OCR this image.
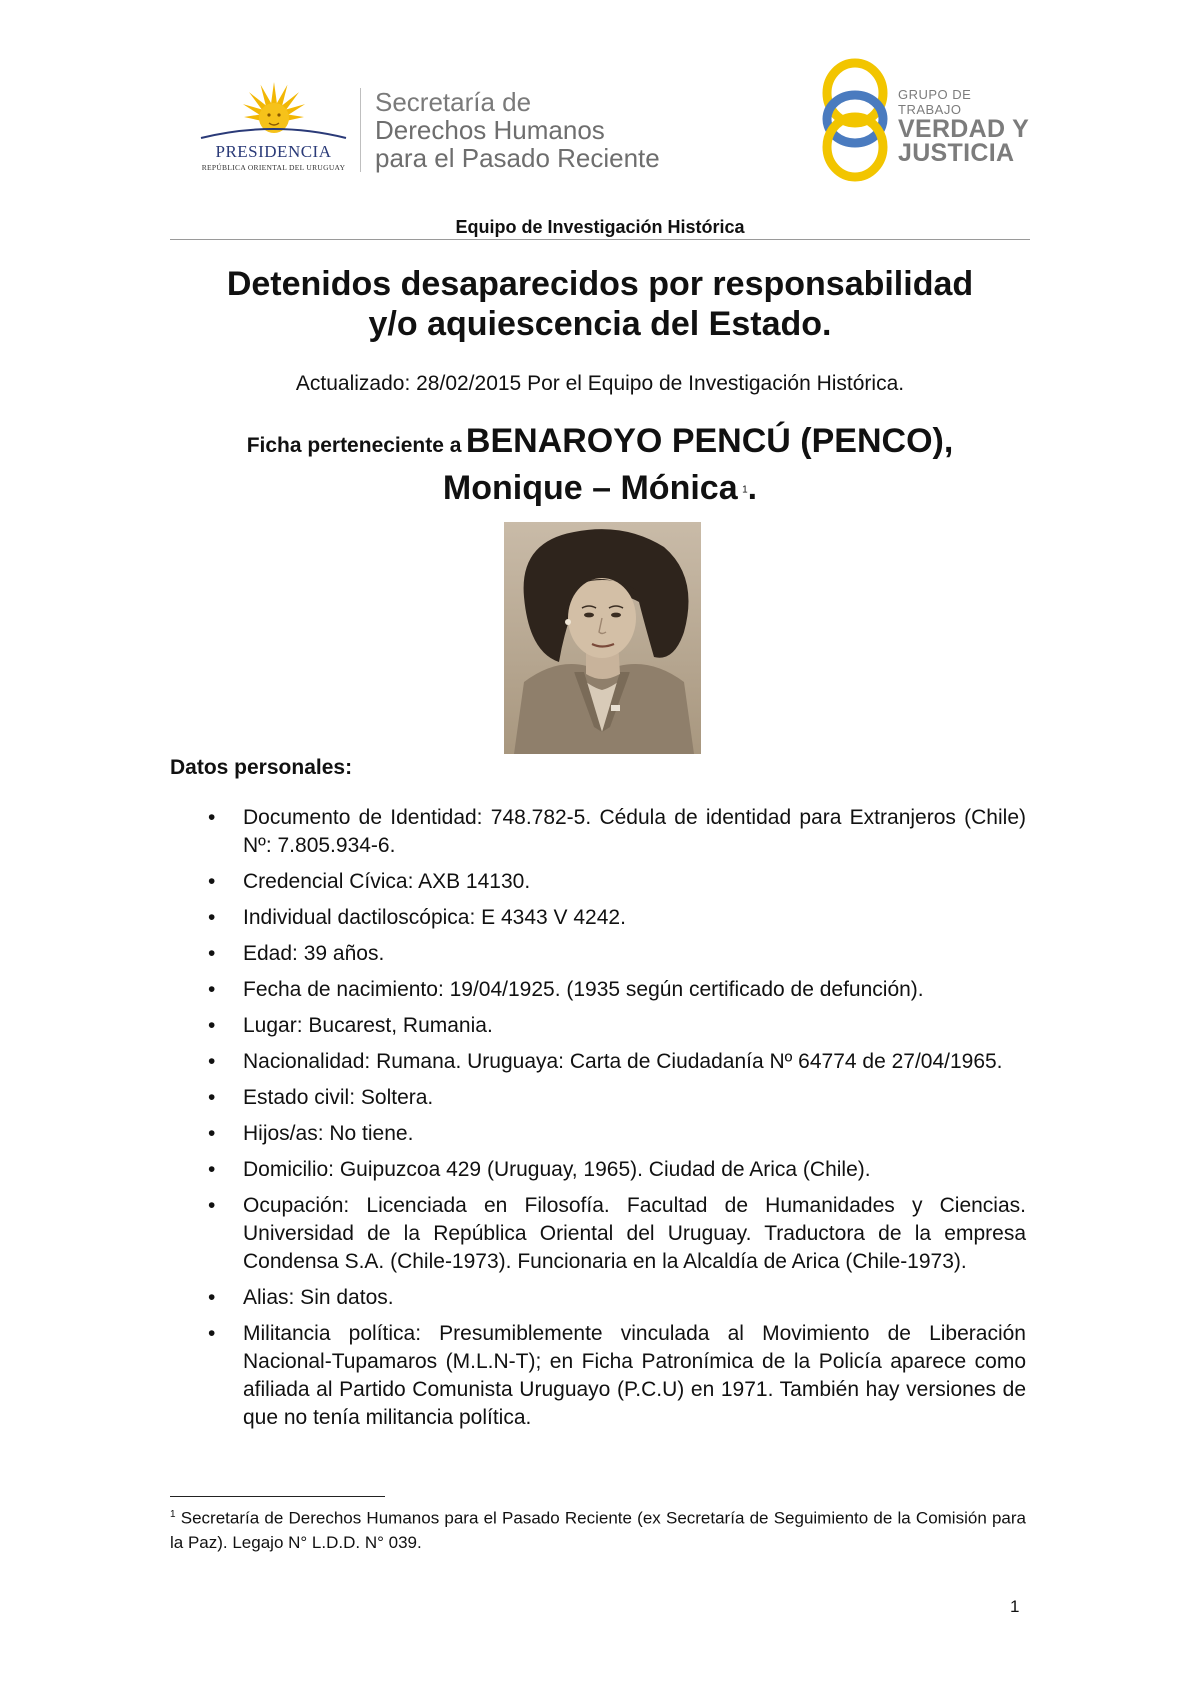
PRESIDENCIA
REPÚBLICA ORIENTAL DEL URUGUAY
Secretaría de
Derechos Humanos
para el Pasado Reciente
GRUPO DE TRABAJO
VERDAD Y
JUSTICIA
Equipo de Investigación Histórica
Detenidos desaparecidos por responsabilidad
y/o aquiescencia del Estado.
Actualizado: 28/02/2015 Por el Equipo de Investigación Histórica.
Ficha perteneciente a BENAROYO PENCÚ (PENCO),
Monique – Mónica $^1$.
Datos personales:
• Documento de Identidad: 748.782-5. Cédula de identidad para Extranjeros (Chile) Nº: 7.805.934-6.
• Credencial Cívica: AXB 14130.
• Individual dactiloscópica: E 4343 V 4242.
• Edad: 39 años.
• Fecha de nacimiento: 19/04/1925. (1935 según certificado de defunción).
• Lugar: Bucarest, Rumania.
• Nacionalidad: Rumana. Uruguaya: Carta de Ciudadanía Nº 64774 de 27/04/1965.
• Estado civil: Soltera.
• Hijos/as: No tiene.
• Domicilio: Guipuzcoa 429 (Uruguay, 1965). Ciudad de Arica (Chile).
• Ocupación: Licenciada en Filosofía. Facultad de Humanidades y Ciencias. Universidad de la República Oriental del Uruguay. Traductora de la empresa Condensa S.A. (Chile-1973). Funcionaria en la Alcaldía de Arica (Chile-1973).
• Alias: Sin datos.
• Militancia política: Presumiblemente vinculada al Movimiento de Liberación Nacional-Tupamaros (M.L.N-T); en Ficha Patronímica de la Policía aparece como afiliada al Partido Comunista Uruguayo (P.C.U) en 1971. También hay versiones de que no tenía militancia política.
$^1$ Secretaría de Derechos Humanos para el Pasado Reciente (ex Secretaría de Seguimiento de la Comisión para la Paz). Legajo N° L.D.D. N° 039.
1
